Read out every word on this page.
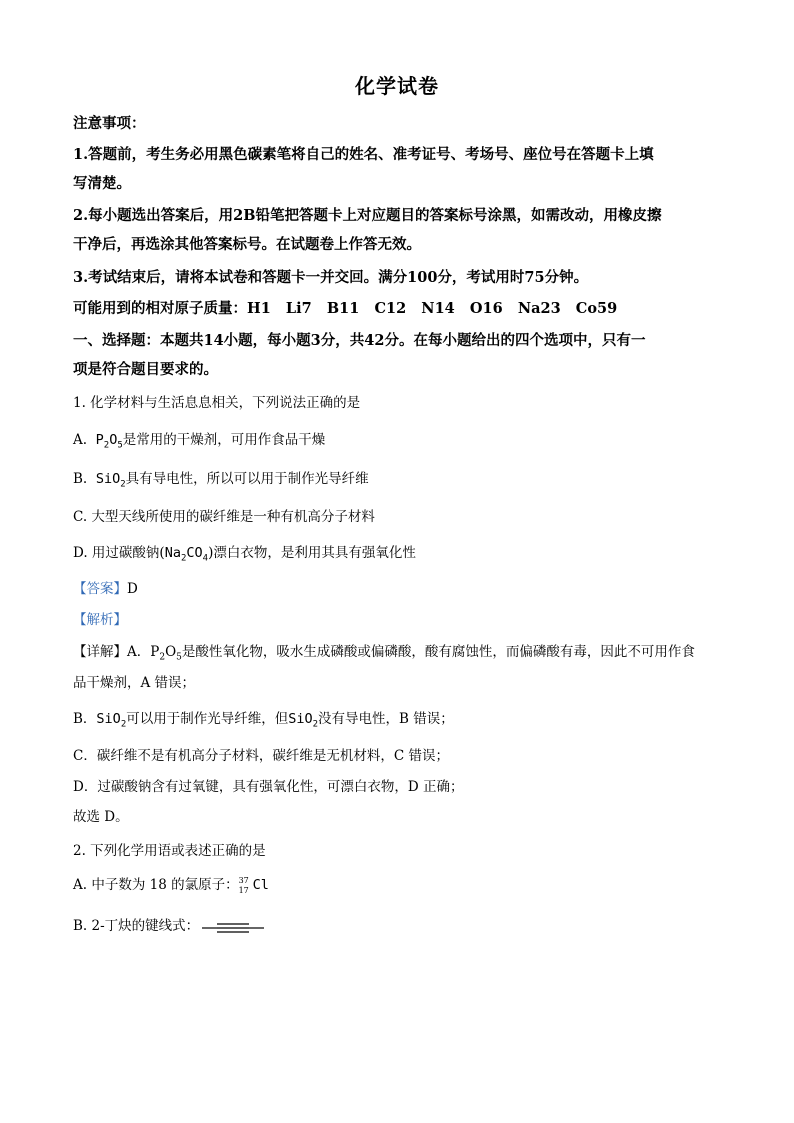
化学试卷
注意事项：
1.答题前，考生务必用黑色碳素笔将自己的姓名、准考证号、考场号、座位号在答题卡上填
写清楚。
2.每小题选出答案后，用2B铅笔把答题卡上对应题目的答案标号涂黑，如需改动，用橡皮擦
干净后，再选涂其他答案标号。在试题卷上作答无效。
3.考试结束后，请将本试卷和答题卡一并交回。满分100分，考试用时75分钟。
可能用到的相对原子质量：H1   Li7   B11   C12   N14   O16   Na23   Co59
一、选择题：本题共14小题，每小题3分，共42分。在每小题给出的四个选项中，只有一
项是符合题目要求的。
1. 化学材料与生活息息相关，下列说法正确的是
A. $P_2O_5$是常用的干燥剂，可用作食品干燥
B. SiO$_2$具有导电性，所以可以用于制作光导纤维
C. 大型天线所使用的碳纤维是一种有机高分子材料
D. 用过碳酸钠$(Na_2CO_4)$漂白衣物，是利用其具有强氧化性
【答案】D
【解析】
【详解】A．$P_2O_5$是酸性氧化物，吸水生成磷酸或偏磷酸，酸有腐蚀性，而偏磷酸有毒，因此不可用作食
品干燥剂，A 错误；
B．SiO$_2$可以用于制作光导纤维，但SiO$_2$没有导电性，B 错误；
C．碳纤维不是有机高分子材料，碳纤维是无机材料，C 错误；
D．过碳酸钠含有过氧键，具有强氧化性，可漂白衣物，D 正确；
故选 D。
2. 下列化学用语或表述正确的是
A. 中子数为 18 的氯原子： 37
17 Cl
B. 2-丁炔的键线式：
